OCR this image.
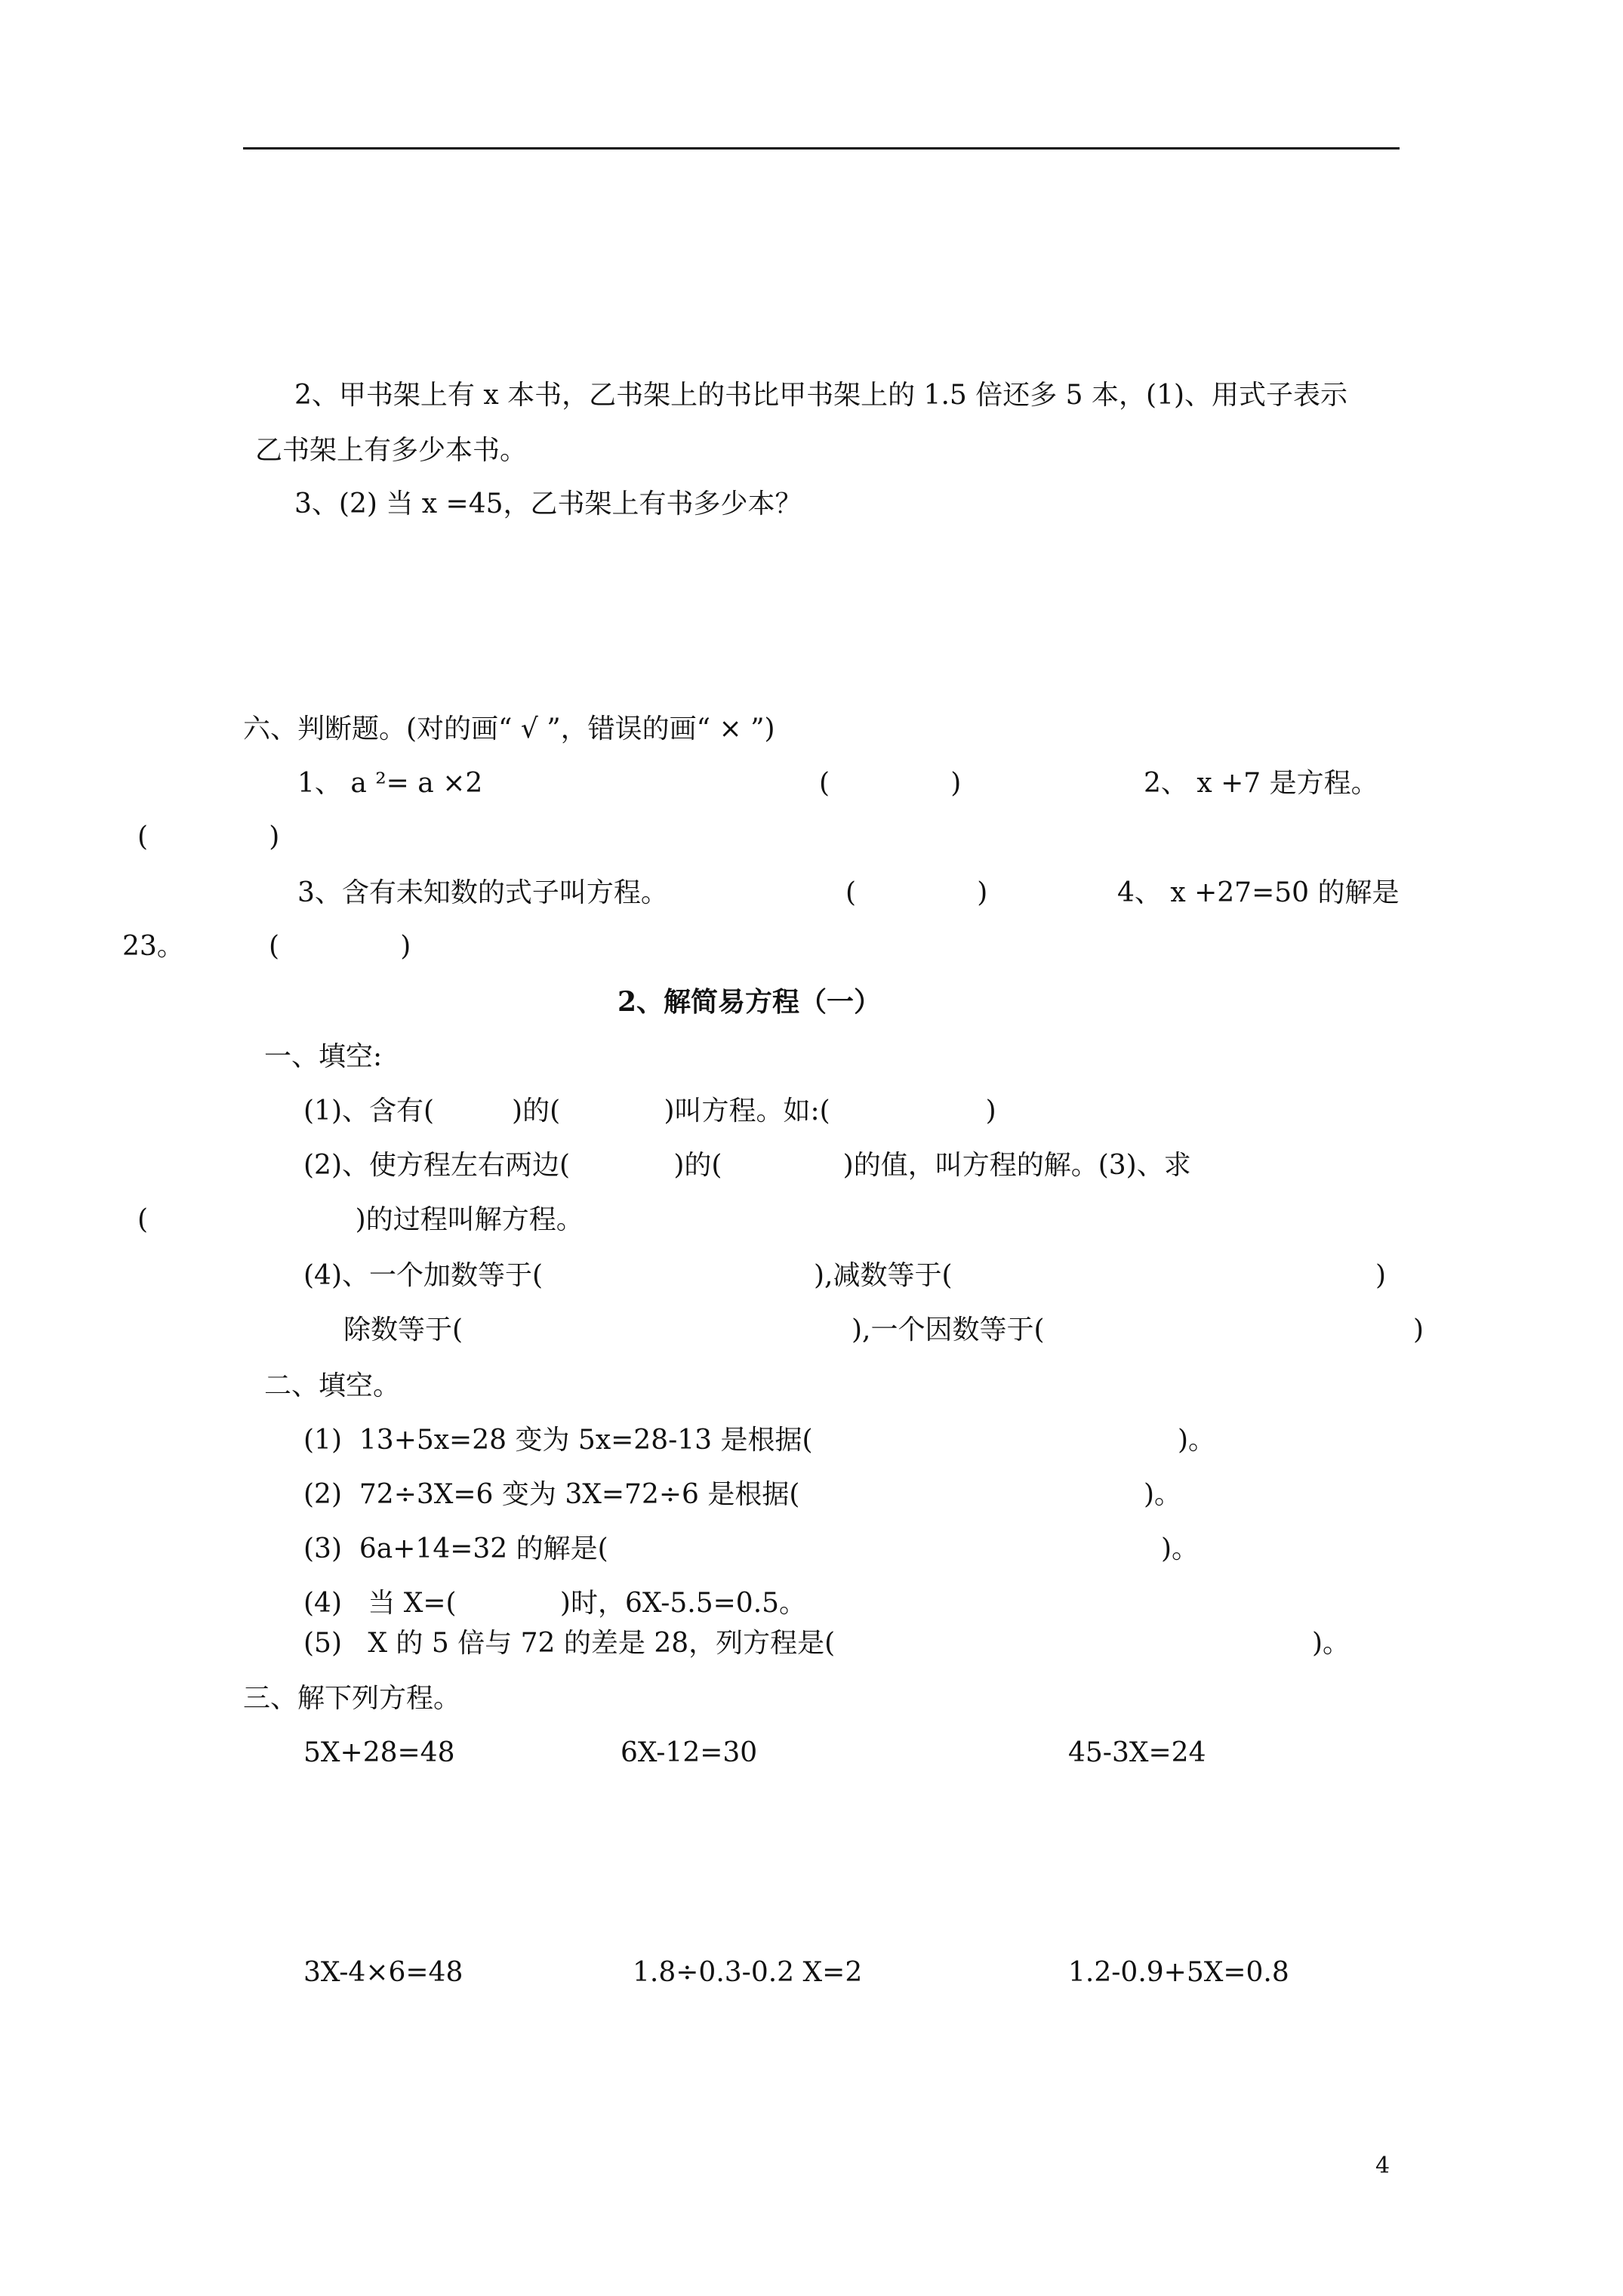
2、甲书架上有 x 本书，乙书架上的书比甲书架上的 1.5 倍还多 5 本，(1)、用式子表示
乙书架上有多少本书。
3、(2) 当 x =45，乙书架上有书多少本？
六、判断题。(对的画“ √ ”，错误的画“ × ”)
1、 a ²= a ×2	(              )	2、 x +7 是方程。
(              )
3、含有未知数的式子叫方程。	(              )	4、 x +27=50 的解是
23。	(              )
2、解简易方程（一）
一、填空:
(1)、含有(         )的(            )叫方程。如:(                  )
(2)、使方程左右两边(            )的(              )的值，叫方程的解。(3)、求
(                        )的过程叫解方程。
(4)、一个加数等于(	),减数等于(	)
除数等于(	),一个因数等于(	)
二、填空。
(1)  13+5x=28 变为 5x=28-13 是根据(	)。
(2)  72÷3X=6 变为 3X=72÷6 是根据(	)。
(3)  6a+14=32 的解是(	)。
(4)   当 X=(            )时，6X-5.5=0.5。
(5)   X 的 5 倍与 72 的差是 28，列方程是(	)。
三、解下列方程。
5X+28=48	6X-12=30	45-3X=24
3X-4×6=48	1.8÷0.3-0.2 X=2	1.2-0.9+5X=0.8
4
